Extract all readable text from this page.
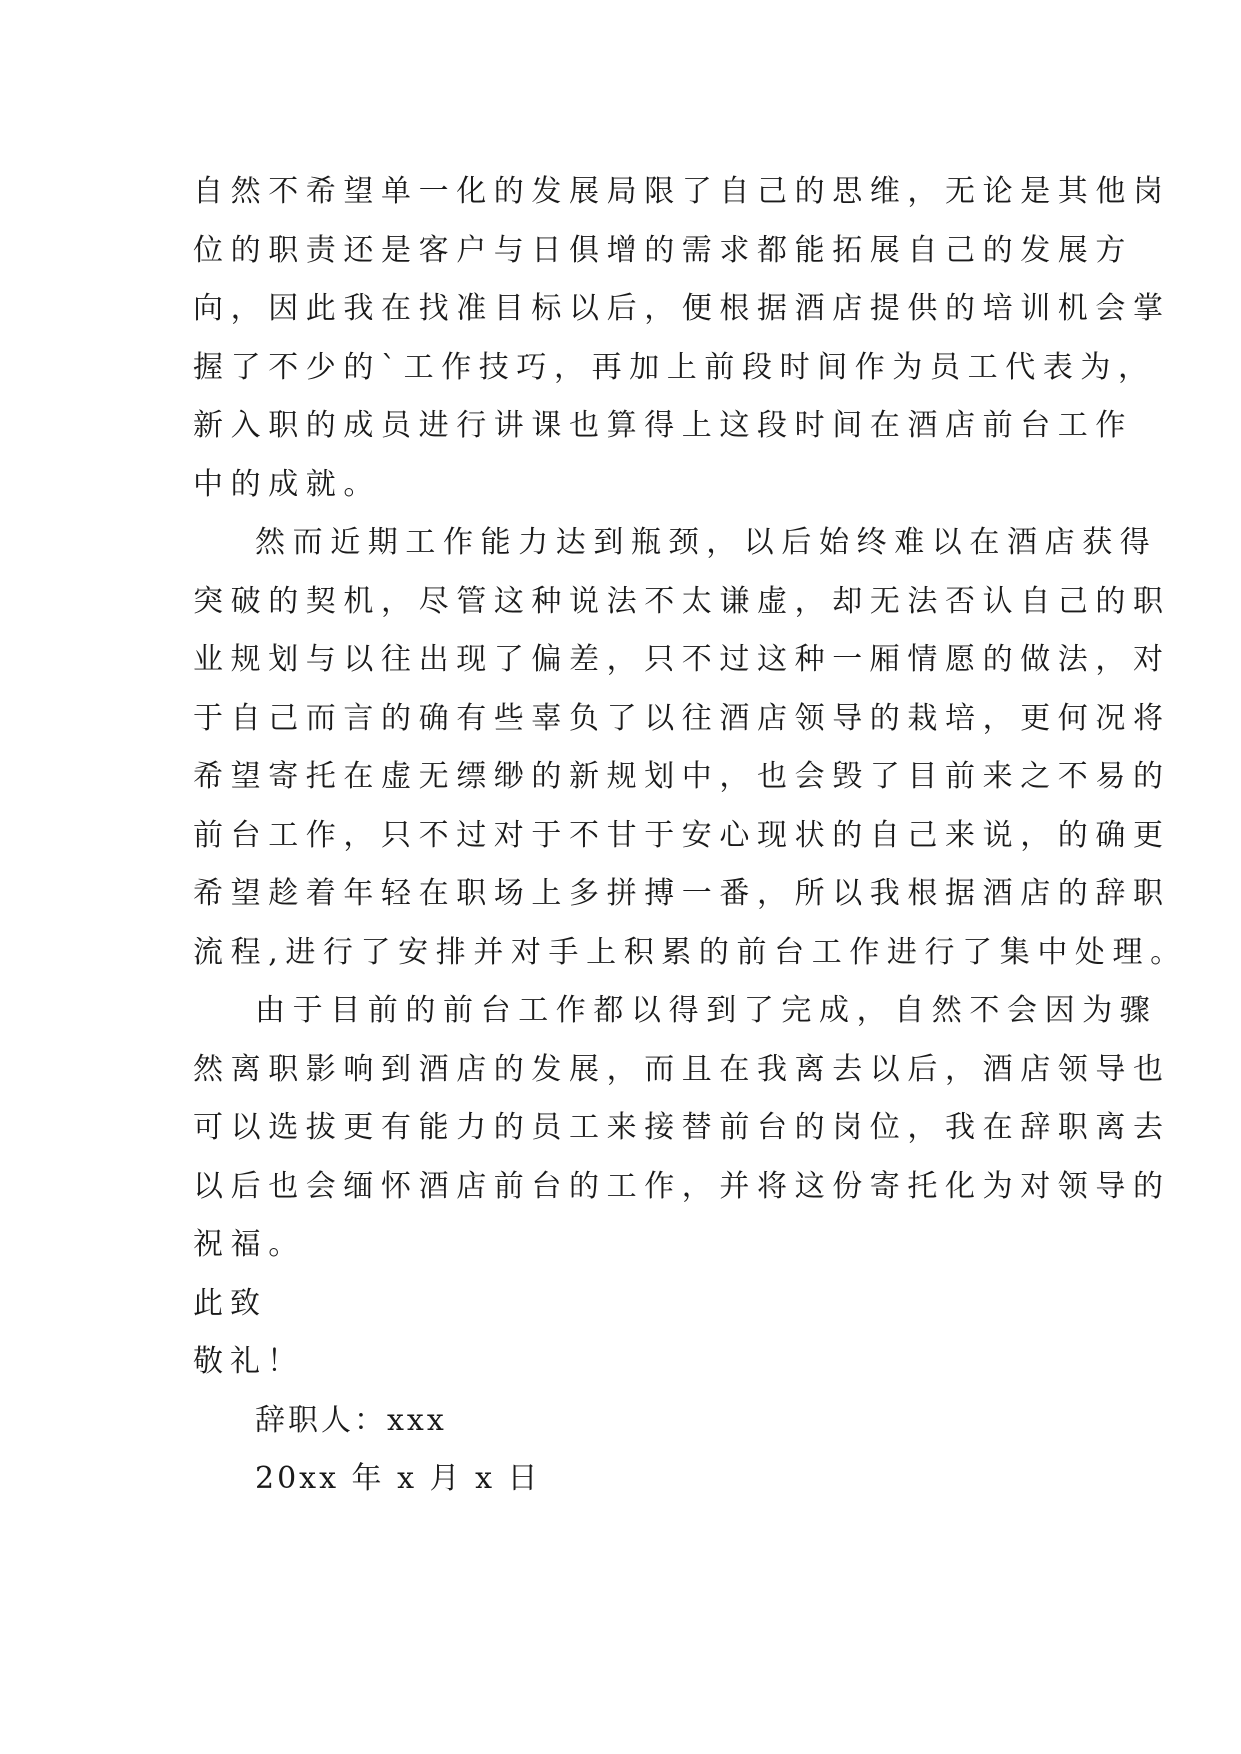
自然不希望单一化的发展局限了自己的思维，无论是其他岗
位的职责还是客户与日俱增的需求都能拓展自己的发展方
向，因此我在找准目标以后，便根据酒店提供的培训机会掌
握了不少的`工作技巧，再加上前段时间作为员工代表为，
新入职的成员进行讲课也算得上这段时间在酒店前台工作
中的成就。
然而近期工作能力达到瓶颈，以后始终难以在酒店获得
突破的契机，尽管这种说法不太谦虚，却无法否认自己的职
业规划与以往出现了偏差，只不过这种一厢情愿的做法，对
于自己而言的确有些辜负了以往酒店领导的栽培，更何况将
希望寄托在虚无缥缈的新规划中，也会毁了目前来之不易的
前台工作，只不过对于不甘于安心现状的自己来说，的确更
希望趁着年轻在职场上多拼搏一番，所以我根据酒店的辞职
流程,进行了安排并对手上积累的前台工作进行了集中处理。
由于目前的前台工作都以得到了完成，自然不会因为骤
然离职影响到酒店的发展，而且在我离去以后，酒店领导也
可以选拔更有能力的员工来接替前台的岗位，我在辞职离去
以后也会缅怀酒店前台的工作，并将这份寄托化为对领导的
祝福。
此致
敬礼！
辞职人：xxx
20xx 年 x 月 x 日
